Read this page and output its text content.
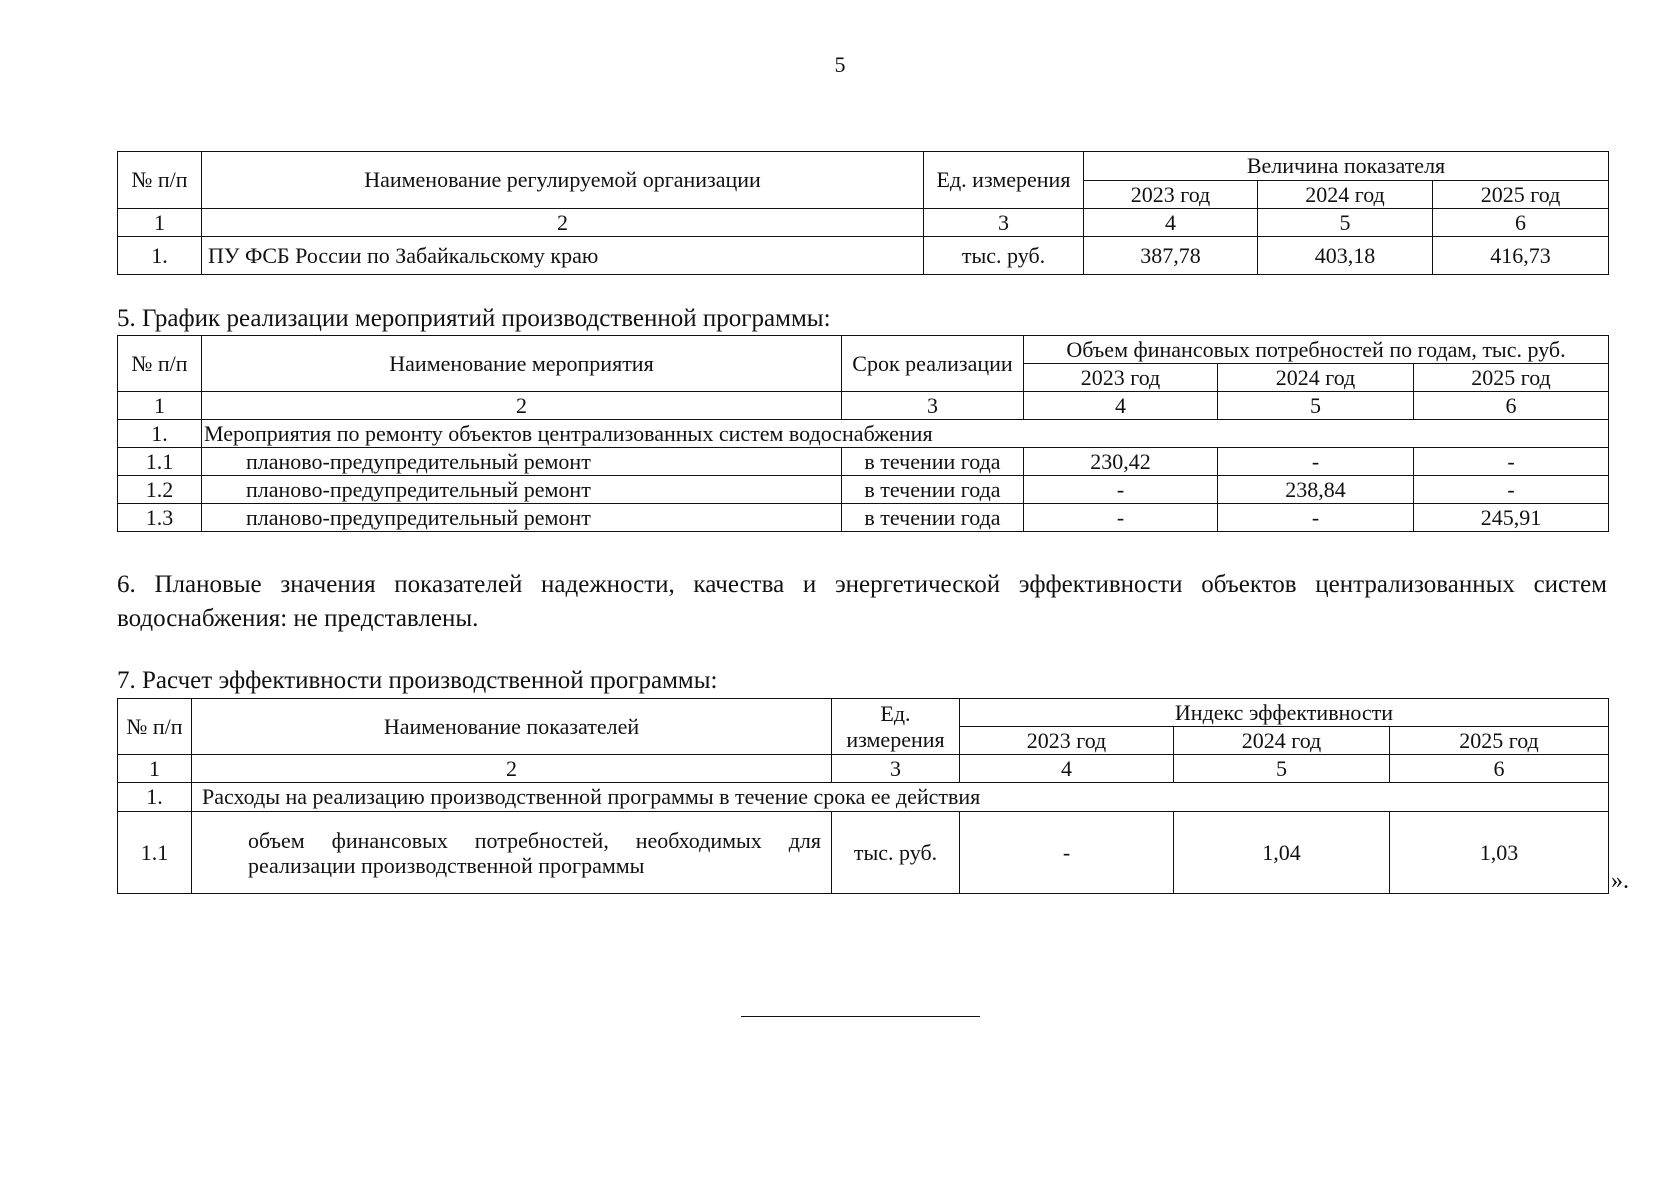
5
№ п/п	Наименование регулируемой организации	Ед. измерения	Величина показателя		
			2023 год	2024 год	2025 год
1	2	3	4	5	6
1.	ПУ ФСБ России по Забайкальскому краю	тыс. руб.	387,78	403,18	416,73
5. График реализации мероприятий производственной программы:
№ п/п	Наименование мероприятия	Срок реализации	Объем финансовых потребностей по годам, тыс. руб.		
			2023 год	2024 год	2025 год
1	2	3	4	5	6
1.	Мероприятия по ремонту объектов централизованных систем водоснабжения				
1.1	планово-предупредительный ремонт	в течении года	230,42	-	-
1.2	планово-предупредительный ремонт	в течении года	-	238,84	-
1.3	планово-предупредительный ремонт	в течении года	-	-	245,91
6. Плановые значения показателей надежности, качества и энергетической эффективности объектов централизованных систем водоснабжения: не представлены.
7. Расчет эффективности производственной программы:
№ п/п	Наименование показателей	Ед. измерения	Индекс эффективности		
			2023 год	2024 год	2025 год
1	2	3	4	5	6
1.	Расходы на реализацию производственной программы в течение срока ее действия				
1.1	объем финансовых потребностей, необходимых для реализации производственной программы	тыс. руб.	-	1,04	1,03
».
